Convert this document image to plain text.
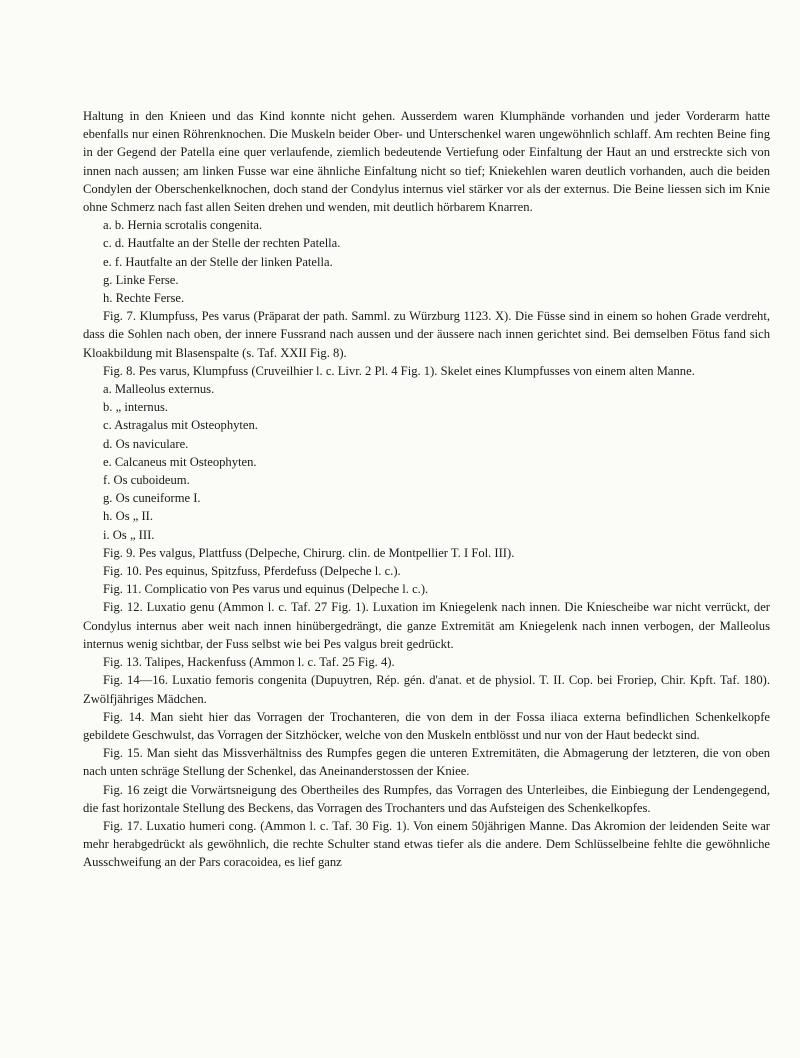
Haltung in den Knieen und das Kind konnte nicht gehen. Ausserdem waren Klumphände vorhanden und jeder Vorderarm hatte ebenfalls nur einen Röhrenknochen. Die Muskeln beider Ober- und Unterschenkel waren ungewöhnlich schlaff. Am rechten Beine fing in der Gegend der Patella eine quer verlaufende, ziemlich bedeutende Vertiefung oder Einfaltung der Haut an und erstreckte sich von innen nach aussen; am linken Fusse war eine ähnliche Einfaltung nicht so tief; Kniekehlen waren deutlich vorhanden, auch die beiden Condylen der Oberschenkelknochen, doch stand der Condylus internus viel stärker vor als der externus. Die Beine liessen sich im Knie ohne Schmerz nach fast allen Seiten drehen und wenden, mit deutlich hörbarem Knarren.

a. b. Hernia scrotalis congenita.

c. d. Hautfalte an der Stelle der rechten Patella.

e. f. Hautfalte an der Stelle der linken Patella.

g. Linke Ferse.

h. Rechte Ferse.

Fig. 7. Klumpfuss, Pes varus (Präparat der path. Samml. zu Würzburg 1123. X). Die Füsse sind in einem so hohen Grade verdreht, dass die Sohlen nach oben, der innere Fussrand nach aussen und der äussere nach innen gerichtet sind. Bei demselben Fötus fand sich Kloakbildung mit Blasenspalte (s. Taf. XXII Fig. 8).

Fig. 8. Pes varus, Klumpfuss (Cruveilhier l. c. Livr. 2 Pl. 4 Fig. 1). Skelet eines Klumpfusses von einem alten Manne.

a. Malleolus externus.

b. „ internus.

c. Astragalus mit Osteophyten.

d. Os naviculare.

e. Calcaneus mit Osteophyten.

f. Os cuboideum.

g. Os cuneiforme I.

h. Os „ II.

i. Os „ III.

Fig. 9. Pes valgus, Plattfuss (Delpeche, Chirurg. clin. de Montpellier T. I Fol. III).

Fig. 10. Pes equinus, Spitzfuss, Pferdefuss (Delpeche l. c.).

Fig. 11. Complicatio von Pes varus und equinus (Delpeche l. c.).

Fig. 12. Luxatio genu (Ammon l. c. Taf. 27 Fig. 1). Luxation im Kniegelenk nach innen. Die Kniescheibe war nicht verrückt, der Condylus internus aber weit nach innen hinübergedrängt, die ganze Extremität am Kniegelenk nach innen verbogen, der Malleolus internus wenig sichtbar, der Fuss selbst wie bei Pes valgus breit gedrückt.

Fig. 13. Talipes, Hackenfuss (Ammon l. c. Taf. 25 Fig. 4).

Fig. 14—16. Luxatio femoris congenita (Dupuytren, Rép. gén. d'anat. et de physiol. T. II. Cop. bei Froriep, Chir. Kpft. Taf. 180). Zwölfjähriges Mädchen.

Fig. 14. Man sieht hier das Vorragen der Trochanteren, die von dem in der Fossa iliaca externa befindlichen Schenkelkopfe gebildete Geschwulst, das Vorragen der Sitzhöcker, welche von den Muskeln entblösst und nur von der Haut bedeckt sind.

Fig. 15. Man sieht das Missverhältniss des Rumpfes gegen die unteren Extremitäten, die Abmagerung der letzteren, die von oben nach unten schräge Stellung der Schenkel, das Aneinanderstossen der Kniee.

Fig. 16 zeigt die Vorwärtsneigung des Obertheiles des Rumpfes, das Vorragen des Unterleibes, die Einbiegung der Lendengegend, die fast horizontale Stellung des Beckens, das Vorragen des Trochanters und das Aufsteigen des Schenkelkopfes.

Fig. 17. Luxatio humeri cong. (Ammon l. c. Taf. 30 Fig. 1). Von einem 50jährigen Manne. Das Akromion der leidenden Seite war mehr herabgedrückt als gewöhnlich, die rechte Schulter stand etwas tiefer als die andere. Dem Schlüsselbeine fehlte die gewöhnliche Ausschweifung an der Pars coracoidea, es lief ganz
